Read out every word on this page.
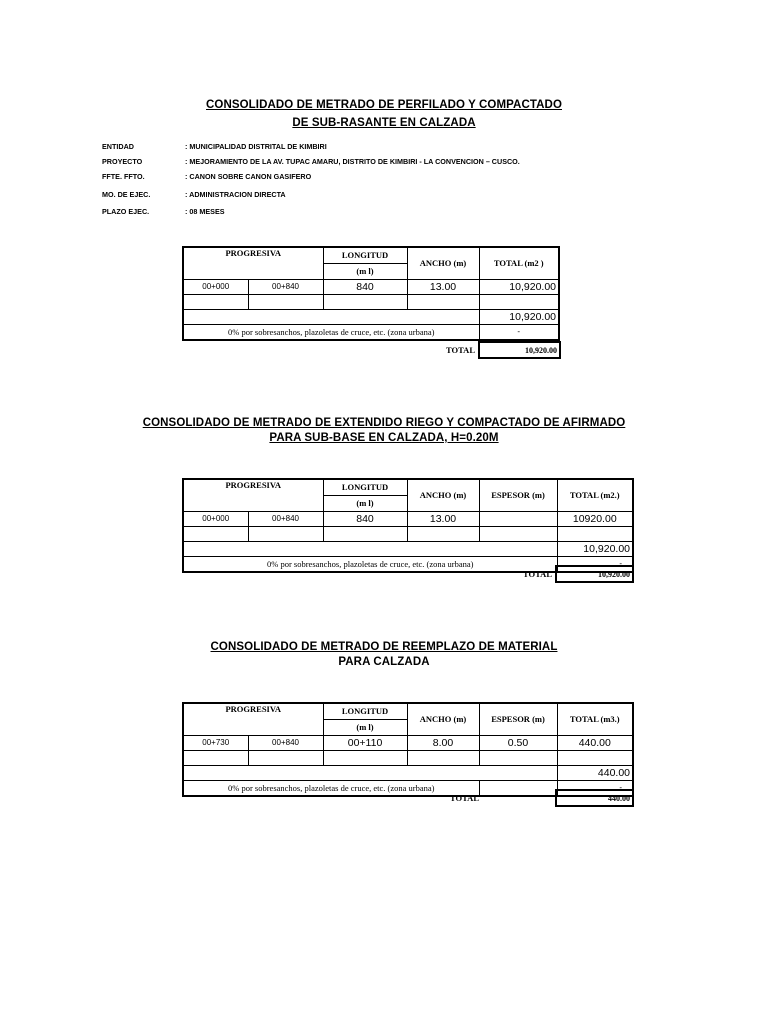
CONSOLIDADO DE METRADO DE PERFILADO Y COMPACTADO
DE SUB-RASANTE EN CALZADA
ENTIDAD	: MUNICIPALIDAD DISTRITAL DE KIMBIRI
PROYECTO	: MEJORAMIENTO DE LA AV. TUPAC AMARU, DISTRITO DE KIMBIRI - LA CONVENCION – CUSCO.
FFTE. FFTO.	: CANON SOBRE CANON GASIFERO
MO. DE EJEC.	: ADMINISTRACION DIRECTA
PLAZO EJEC.	: 08 MESES
PROGRESIVA		LONGITUD	ANCHO (m)	TOTAL (m2 )
		(m l)		
00+000	00+840	840	13.00	10,920.00

				10,920.00
0% por sobresanchos, plazoletas de cruce, etc. (zona urbana)				-
TOTAL	10,920.00
CONSOLIDADO DE METRADO DE EXTENDIDO RIEGO Y COMPACTADO DE AFIRMADO
PARA SUB-BASE EN CALZADA, H=0.20M
PROGRESIVA		LONGITUD	ANCHO (m)	ESPESOR (m)	TOTAL (m2.)
		(m l)			
00+000	00+840	840	13.00		10920.00

					10,920.00
0% por sobresanchos, plazoletas de cruce, etc. (zona urbana)					-
TOTAL	10,920.00
CONSOLIDADO DE METRADO DE REEMPLAZO DE MATERIAL
PARA CALZADA
PROGRESIVA		LONGITUD	ANCHO (m)	ESPESOR (m)	TOTAL (m3.)
		(m l)			
00+730	00+840	00+110	8.00	0.50	440.00

					440.00
0% por sobresanchos, plazoletas de cruce, etc. (zona urbana)					-
TOTAL		440.00
